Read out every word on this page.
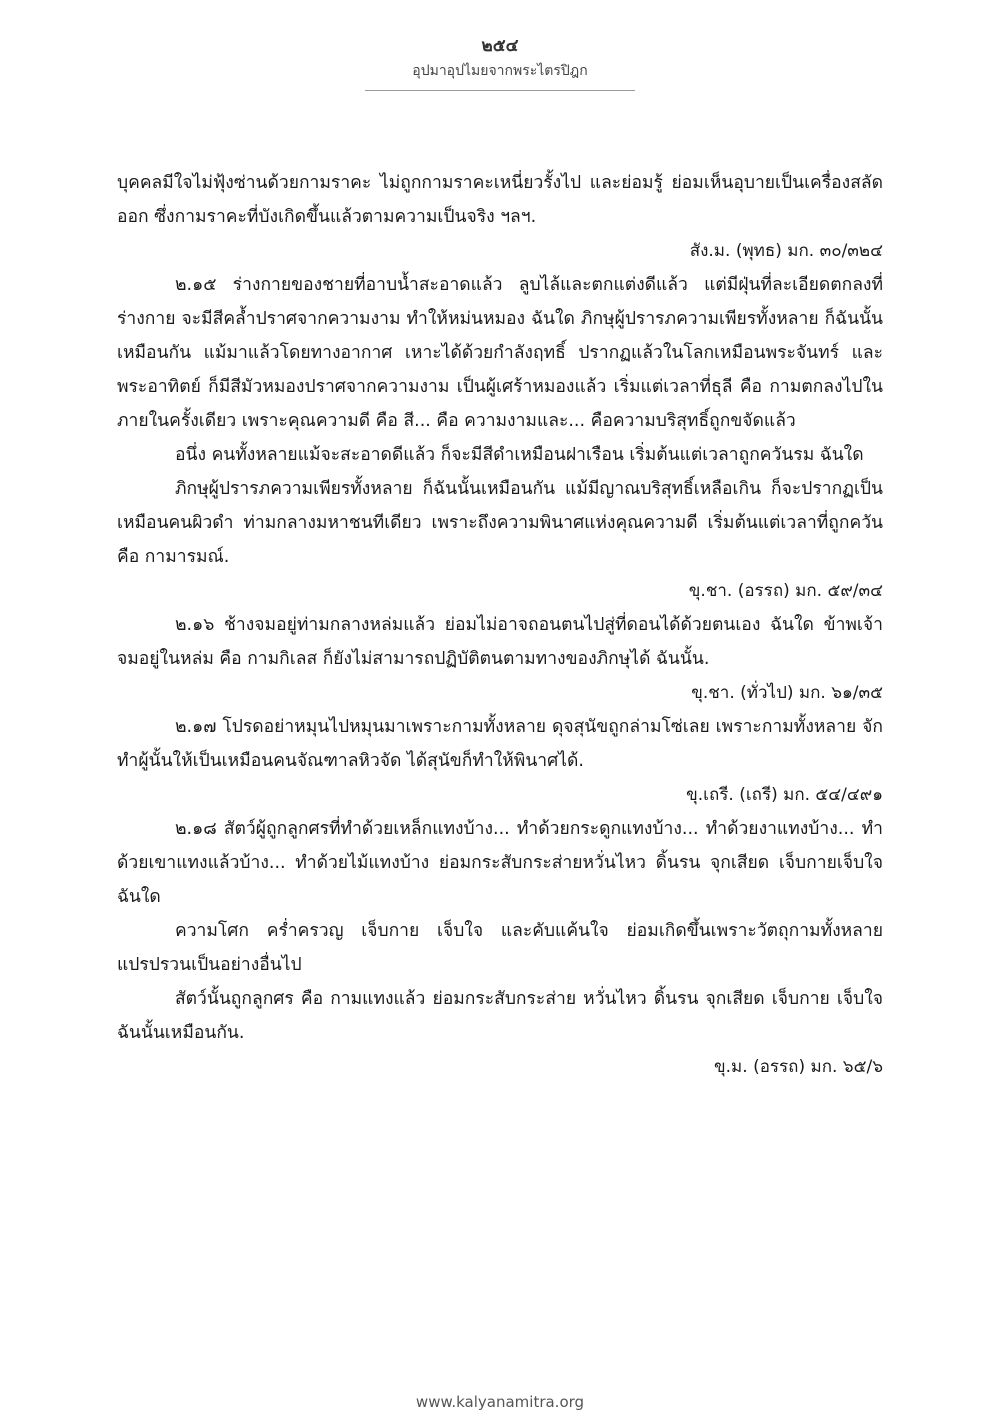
๒๕๔
อุปมาอุปไมยจากพระไตรปิฎก

บุคคลมีใจไม่ฟุ้งซ่านด้วยกามราคะ ไม่ถูกกามราคะเหนี่ยวรั้งไป และย่อมรู้ ย่อมเห็นอุบายเป็นเครื่องสลัดออก ซึ่งกามราคะที่บังเกิดขึ้นแล้วตามความเป็นจริง ฯลฯ.

สัง.ม. (พุทธ) มก. ๓๐/๓๒๔

๒.๑๕ ร่างกายของชายที่อาบน้ำสะอาดแล้ว ลูบไล้และตกแต่งดีแล้ว แต่มีฝุ่นที่ละเอียดตกลงที่ร่างกาย จะมีสีคล้ำปราศจากความงาม ทำให้หม่นหมอง ฉันใด ภิกษุผู้ปรารภความเพียรทั้งหลาย ก็ฉันนั้นเหมือนกัน แม้มาแล้วโดยทางอากาศ เหาะได้ด้วยกำลังฤทธิ์ ปรากฏแล้วในโลกเหมือนพระจันทร์ และพระอาทิตย์ ก็มีสีมัวหมองปราศจากความงาม เป็นผู้เศร้าหมองแล้ว เริ่มแต่เวลาที่ธุลี คือ กามตกลงไปในภายในครั้งเดียว เพราะคุณความดี คือ สี... คือ ความงามและ... คือความบริสุทธิ์ถูกขจัดแล้ว

อนึ่ง คนทั้งหลายแม้จะสะอาดดีแล้ว ก็จะมีสีดำเหมือนฝาเรือน เริ่มต้นแต่เวลาถูกควันรม ฉันใด

ภิกษุผู้ปรารภความเพียรทั้งหลาย ก็ฉันนั้นเหมือนกัน แม้มีญาณบริสุทธิ์เหลือเกิน ก็จะปรากฏเป็นเหมือนคนผิวดำ ท่ามกลางมหาชนทีเดียว เพราะถึงความพินาศแห่งคุณความดี เริ่มต้นแต่เวลาที่ถูกควัน คือ กามารมณ์.

ขุ.ชา. (อรรถ) มก. ๕๙/๓๔

๒.๑๖ ช้างจมอยู่ท่ามกลางหล่มแล้ว ย่อมไม่อาจถอนตนไปสู่ที่ดอนได้ด้วยตนเอง ฉันใด ข้าพเจ้าจมอยู่ในหล่ม คือ กามกิเลส ก็ยังไม่สามารถปฏิบัติตนตามทางของภิกษุได้ ฉันนั้น.

ขุ.ชา. (ทั่วไป) มก. ๖๑/๓๕

๒.๑๗ โปรดอย่าหมุนไปหมุนมาเพราะกามทั้งหลาย ดุจสุนัขถูกล่ามโซ่เลย เพราะกามทั้งหลาย จักทำผู้นั้นให้เป็นเหมือนคนจัณฑาลหิวจัด ได้สุนัขก็ทำให้พินาศได้.

ขุ.เถรี. (เถรี) มก. ๕๔/๔๙๑

๒.๑๘ สัตว์ผู้ถูกลูกศรที่ทำด้วยเหล็กแทงบ้าง... ทำด้วยกระดูกแทงบ้าง... ทำด้วยงาแทงบ้าง... ทำด้วยเขาแทงแล้วบ้าง... ทำด้วยไม้แทงบ้าง ย่อมกระสับกระส่ายหวั่นไหว ดิ้นรน จุกเสียด เจ็บกายเจ็บใจ ฉันใด

ความโศก คร่ำครวญ เจ็บกาย เจ็บใจ และคับแค้นใจ ย่อมเกิดขึ้นเพราะวัตถุกามทั้งหลาย แปรปรวนเป็นอย่างอื่นไป

สัตว์นั้นถูกลูกศร คือ กามแทงแล้ว ย่อมกระสับกระส่าย หวั่นไหว ดิ้นรน จุกเสียด เจ็บกาย เจ็บใจ ฉันนั้นเหมือนกัน.

ขุ.ม. (อรรถ) มก. ๖๕/๖

www.kalyanamitra.org
